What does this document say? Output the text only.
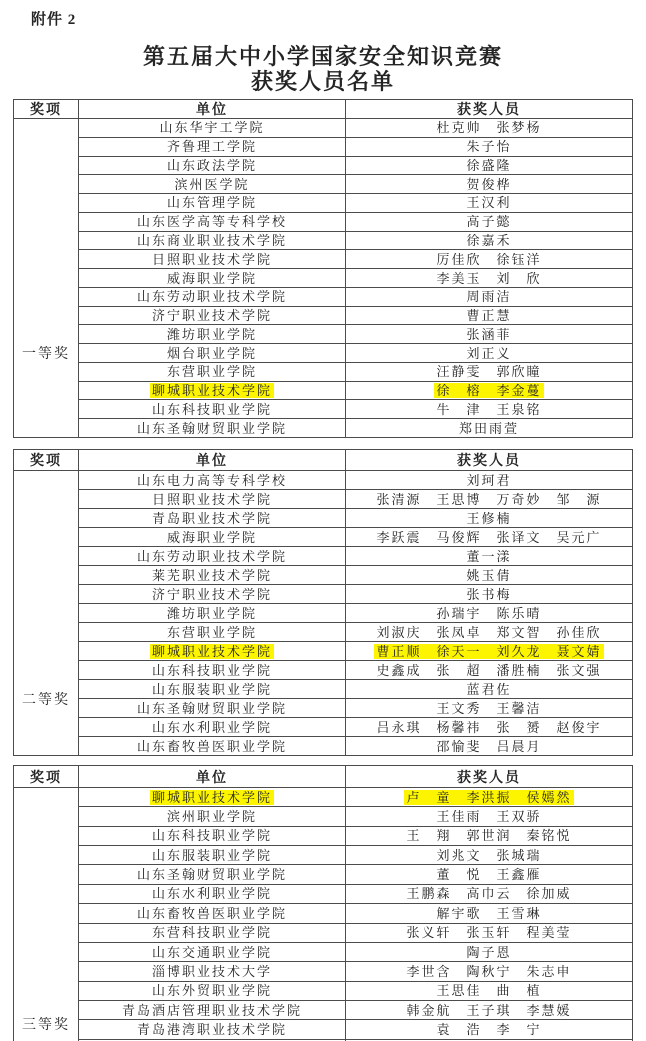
附件 2
第五届大中小学国家安全知识竞赛
获奖人员名单
奖项	单位	获奖人员
一等奖
山东华宇工学院	杜克帅　张梦杨
齐鲁理工学院	朱子怡
山东政法学院	徐盛隆
滨州医学院	贺俊桦
山东管理学院	王汉利
山东医学高等专科学校	高子懿
山东商业职业技术学院	徐嘉禾
日照职业技术学院	厉佳欣　徐钰洋
威海职业学院	李美玉　刘　欣
山东劳动职业技术学院	周雨洁
济宁职业技术学院	曹正慧
潍坊职业学院	张涵菲
烟台职业学院	刘正义
东营职业学院	汪静雯　郭欣瞳
聊城职业技术学院	徐　榕　李金蔓
山东科技职业学院	牛　津　王泉铭
山东圣翰财贸职业学院	郑田雨萱
奖项	单位	获奖人员
二等奖
山东电力高等专科学校	刘珂君
日照职业技术学院	张清源　王思博　万奇妙　邹　源
青岛职业技术学院	王修楠
威海职业学院	李跃震　马俊辉　张译文　吴元广
山东劳动职业技术学院	董一漾
莱芜职业技术学院	姚玉倩
济宁职业技术学院	张书梅
潍坊职业学院	孙瑞宇　陈乐晴
东营职业学院	刘淑庆　张凤卓　郑文智　孙佳欣
聊城职业技术学院	曹正顺　徐天一　刘久龙　聂文婧
山东科技职业学院	史鑫成　张　超　潘胜楠　张文强
山东服装职业学院	蓝君佐
山东圣翰财贸职业学院	王文秀　王馨洁
山东水利职业学院	吕永琪　杨馨祎　张　赟　赵俊宇
山东畜牧兽医职业学院	邵愉斐　吕晨月
奖项	单位	获奖人员
三等奖
聊城职业技术学院	卢　童　李洪振　侯嫣然
滨州职业学院	王佳雨　王双骄
山东科技职业学院	王　翔　郭世润　秦铭悦
山东服装职业学院	刘兆文　张城瑞
山东圣翰财贸职业学院	董　悦　王鑫雁
山东水利职业学院	王鹏森　高巾云　徐加威
山东畜牧兽医职业学院	解宇歌　王雪琳
东营科技职业学院	张义轩　张玉轩　程美莹
山东交通职业学院	陶子恩
淄博职业技术大学	李世含　陶秋宁　朱志申
山东外贸职业学院	王思佳　曲　植
青岛酒店管理职业技术学院	韩金航　王子琪　李慧媛
青岛港湾职业技术学院	袁　浩　李　宁
